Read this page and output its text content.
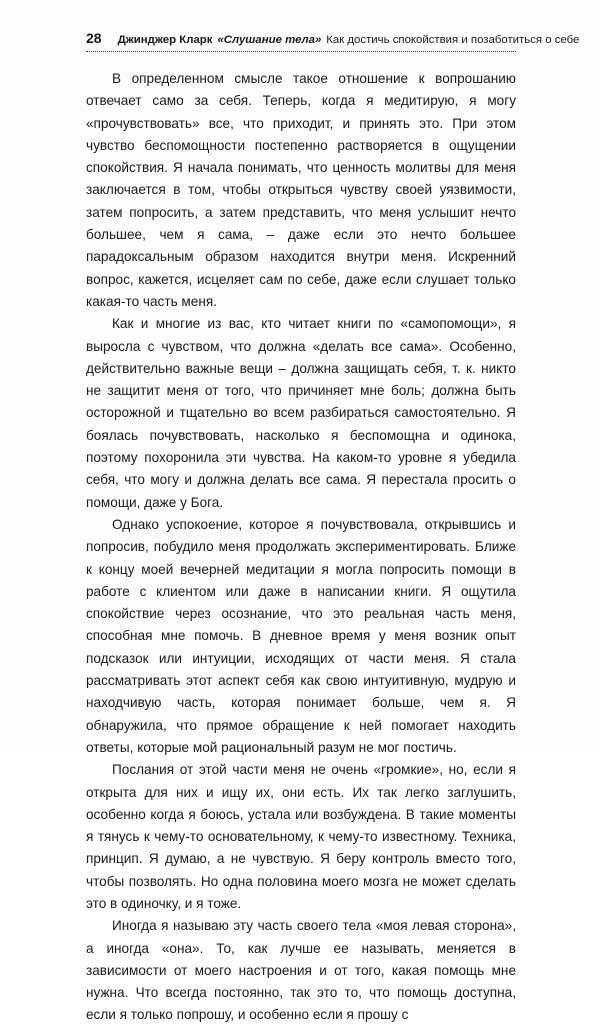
28 Джинджер Кларк «Слушание тела» Как достичь спокойствия и позаботиться о себе

В определенном смысле такое отношение к вопрошанию отвечает само за себя. Теперь, когда я медитирую, я могу «прочувствовать» все, что приходит, и принять это. При этом чувство беспомощности постепенно растворяется в ощущении спокойствия. Я начала понимать, что ценность молитвы для меня заключается в том, чтобы открыться чувству своей уязвимости, затем попросить, а затем представить, что меня услышит нечто большее, чем я сама, – даже если это нечто большее парадоксальным образом находится внутри меня. Искренний вопрос, кажется, исцеляет сам по себе, даже если слушает только какая-то часть меня.

Как и многие из вас, кто читает книги по «самопомощи», я выросла с чувством, что должна «делать все сама». Особенно, действительно важные вещи – должна защищать себя, т. к. никто не защитит меня от того, что причиняет мне боль; должна быть осторожной и тщательно во всем разбираться самостоятельно. Я боялась почувствовать, насколько я беспомощна и одинока, поэтому похоронила эти чувства. На каком-то уровне я убедила себя, что могу и должна делать все сама. Я перестала просить о помощи, даже у Бога.

Однако успокоение, которое я почувствовала, открывшись и попросив, побудило меня продолжать экспериментировать. Ближе к концу моей вечерней медитации я могла попросить помощи в работе с клиентом или даже в написании книги. Я ощутила спокойствие через осознание, что это реальная часть меня, способная мне помочь. В дневное время у меня возник опыт подсказок или интуиции, исходящих от части меня. Я стала рассматривать этот аспект себя как свою интуитивную, мудрую и находчивую часть, которая понимает больше, чем я. Я обнаружила, что прямое обращение к ней помогает находить ответы, которые мой рациональный разум не мог постичь.

Послания от этой части меня не очень «громкие», но, если я открыта для них и ищу их, они есть. Их так легко заглушить, особенно когда я боюсь, устала или возбуждена. В такие моменты я тянусь к чему-то основательному, к чему-то известному. Техника, принцип. Я думаю, а не чувствую. Я беру контроль вместо того, чтобы позволять. Но одна половина моего мозга не может сделать это в одиночку, и я тоже.

Иногда я называю эту часть своего тела «моя левая сторона», а иногда «она». То, как лучше ее называть, меняется в зависимости от моего настроения и от того, какая помощь мне нужна. Что всегда постоянно, так это то, что помощь доступна, если я только попрошу, и особенно если я прошу с
